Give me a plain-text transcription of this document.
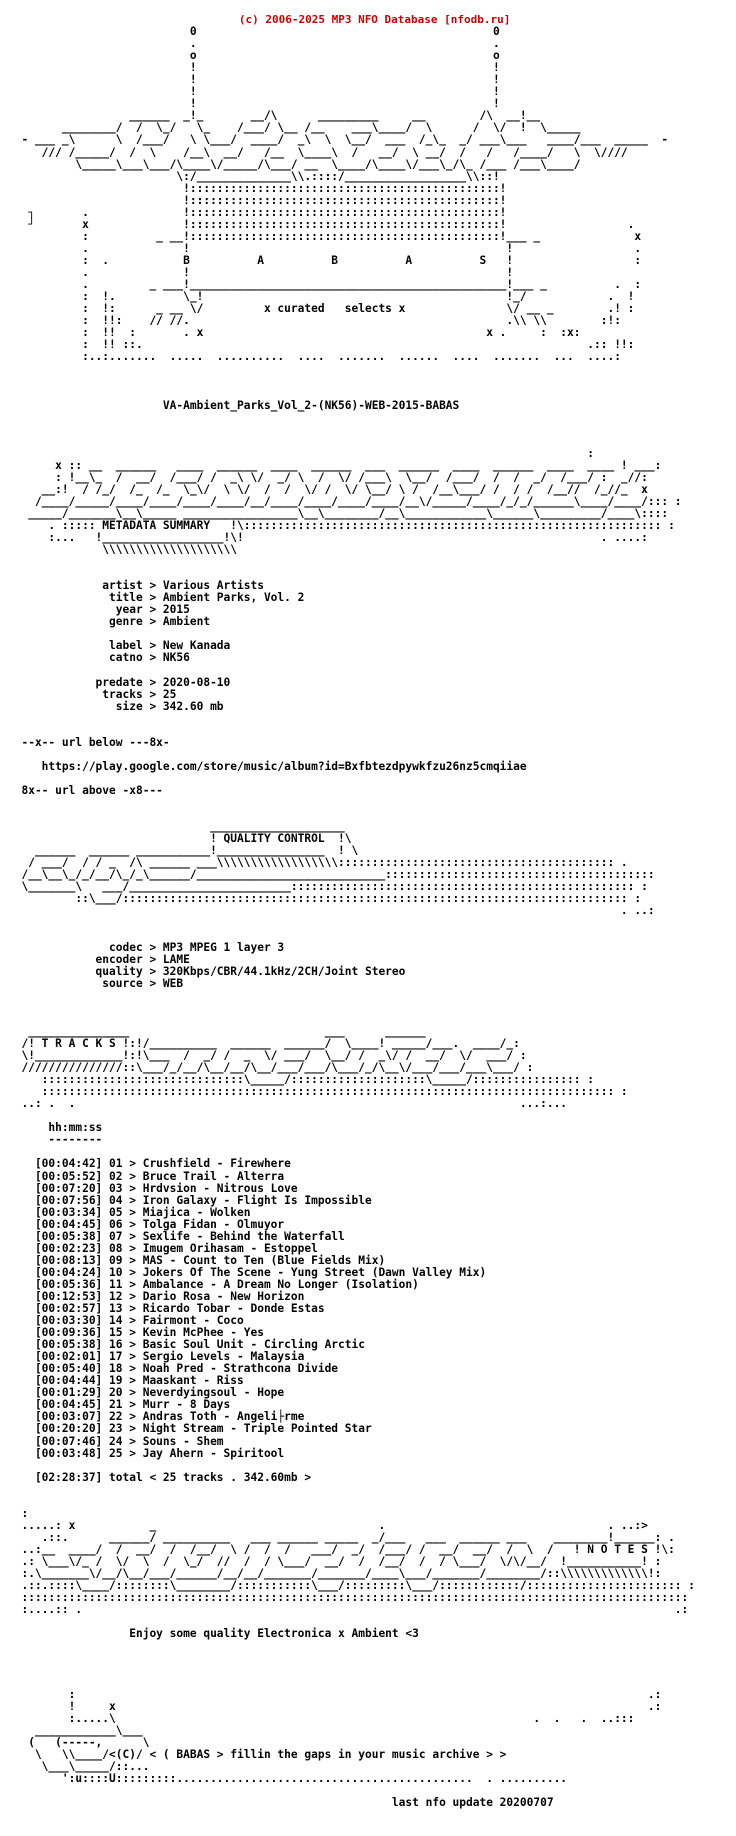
(c) 2006-2025 MP3 NFO Database [nfodb.ru]

0                                            0
.                                            .
o                                            o
!                                            !
!                                            !
!                                            !
!                                            !
______  _!_       __/\      _________     __        /\  __!__
________/  /  \_/   \_    /___/ \__ /__    ___\____/  \      /  \/  !  \_____
- ___ _\      \  /___/   \ \___/  ____/  _\  \  \__/  ___  /_\_  _/ ___\___   ____/___  _____  -
/// /_____/  /  \    /__\  __/   /__  \____\  /   __/  \ __/  /   /   /____/   \  \////
\_____\___\___/\____\/_____/\___/ __  \____/\____\/___\_/\_ /___ /___\____/
\:/______________\\.::::/__________________\\::!
!::::::::::::::::::::::::::::::::::::::::::::::!
!::::::::::::::::::::::::::::::::::::::::::::::!
┐       .              !::::::::::::::::::::::::::::::::::::::::::::::!
┘       x              !::::::::::::::::::::::::::::::::::::::::::::::!                  .
:          _ __!::::::::::::::::::::::::::::::::::::::::::::::!___ _              x
.              !                                               !                  .
:  .           B          A          B          A          S   !                  :
.              !                                               !
.         _ ___!_______________________________________________!___ _          .  :
:  !.          \_!                                             !_/            .  !
:  !:      _ __ \/         x curated   selects x               \/ __ _        .! :
:  !!:    // //.                                               .\\ \\        :!:
:  !!  :       . x                                          x .     :  :x:
:  !! ::.                                                                  .:: !!:
:..:.......  .....  ..........  ....  .......  ......  ....  .......  ...  ....:

VA-Ambient_Parks_Vol_2-(NK56)-WEB-2015-BABAS

:
x :: __  ______   ____  ______  ____  ______  ___  ______  ____  ______  ____  ____ ! ___:
: !__\_  /  __/  /___/ /  _\ \/  _/ \  /  \/ /___\  \__/  /___/  /  /  _/  /___/ :  _//:
__:!  / /_/  /_  /_  \_\/  \ \/  /  /  \/ /  \/ \__/ \ /  /__\___/ /  / /  /__//  /_//_  x
/____/_____/____/____/____/____/__/____/____/____/____/__\/_____/____/_/_/______\____/____/::: :
_____/_______\__\_____ _________________\__\________/__\____________\______\_________/____\::::
. ::::: METADATA SUMMARY   !\:::::::::::::::::::::::::::::::::::::::::::::::::::::::::::::: :
:...   !__________________!\!                                                     . ....:
\\\\\\\\\\\\\\\\\\\\

artist > Various Artists
title > Ambient Parks, Vol. 2
year > 2015
genre > Ambient

label > New Kanada
catno > NK56

predate > 2020-08-10
tracks > 25
size > 342.60 mb

--x-- url below ---8x-

https://play.google.com/store/music/album?id=Bxfbtezdpywkfzu26nz5cmqiiae

8x-- url above -x8---

____________________
! QUALITY CONTROL  !\
______  ______ ___________!________________  ! \
/ ___/  / / _  /\ ______ ___\\\\\\\\\\\\\\\\\\::::::::::::::::::::::::::::::::::::::::: .
/__\__\_/_/__/\_/_\______/____________________________::::::::::::::::::::::::::::::::::::::::
\_______\   ___/________________________::::::::::::::::::::::::::::::::::::::::::::::::::: :
::\___/::::::::::::::::::::::::::::::::::::::::::::::::::::::::::::::::::::::::::: :
. ..:

codec > MP3 MPEG 1 layer 3
encoder > LAME
quality > 320Kbps/CBR/44.1kHz/2CH/Joint Stereo
source > WEB

_______________                             ___      ______
/! T R A C K S !:!/__________  ______  ______/  \____! _____/___.  ____/_:
\!_____________!:!\___  /  _/ /  _  \/ ___/  \__/ /  _\/ /  __/  \/  ___/ :
///////////////::\___/_/__/\__/__/\__/___/___/\___/_/\__\/___/___/___\___/ :
::::::::::::::::::::::::::::::\_____/::::::::::::::::::::\_____/:::::::::::::::: :
::::::::::::::::::::::::::::::::::::::::::::::::::::::::::::::::::::::::::::::::::::: :
..: .  .                                                                  ...:...

hh:mm:ss
--------

[00:04:42] 01 > Crushfield - Firewhere
[00:05:52] 02 > Bruce Trail - Alterra
[00:07:20] 03 > Hrdvsion - Nitrous Love
[00:07:56] 04 > Iron Galaxy - Flight Is Impossible
[00:03:34] 05 > Miajica - Wolken
[00:04:45] 06 > Tolga Fidan - Olmuyor
[00:05:38] 07 > Sexlife - Behind the Waterfall
[00:02:23] 08 > Imugem Orihasam - Estoppel
[00:08:13] 09 > MAS - Count to Ten (Blue Fields Mix)
[00:04:24] 10 > Jokers Of The Scene - Yung Street (Dawn Valley Mix)
[00:05:36] 11 > Ambalance - A Dream No Longer (Isolation)
[00:12:53] 12 > Dario Rosa - New Horizon
[00:02:57] 13 > Ricardo Tobar - Donde Estas
[00:03:30] 14 > Fairmont - Coco
[00:09:36] 15 > Kevin McPhee - Yes
[00:05:38] 16 > Basic Soul Unit - Circling Arctic
[00:02:01] 17 > Sergio Levels - Malaysia
[00:05:40] 18 > Noah Pred - Strathcona Divide
[00:04:44] 19 > Maaskant - Riss
[00:01:29] 20 > Neverdyingsoul - Hope
[00:04:45] 21 > Murr - 8 Days
[00:03:07] 22 > Andras Toth - Angeli├rme
[00:20:20] 23 > Night Stream - Triple Pointed Star
[00:07:46] 24 > Souns - Shem
[00:03:48] 25 > Jay Ahern - Spiritool

[02:28:37] total < 25 tracks . 342.60mb >

:
.....: x           _                                 .                                 . ..:>
.::.      ______/ __________   ___ ______ _____  _/___   ___  ______ ___    ________!______: .
..:__  ____/  /  __/  /  /__/  \ /  /  /   ___/  _/  /___/ /  __/  __/  /  \  /   ! N O T E S !\:
.: \___\/_ /  \/  \  /  \_/  //  /  / \___/  __/  /  /__/  /  / \___/  \/\/__/  !___________! :
:.\_______\/__/\__/___/______/__/__/_______/_______/____\___/_______/________/::\\\\\\\\\\\\\!:
.::.::::\____/::::::::\________/:::::::::::\___/:::::::::\___/::::::::::::/::::::::::::::::::::::: :
:::::::::::::::::::::::::::::::::::::::::::::::::::::::::::::::::::::::::::::::::::::::::::::::::::
:....:: .                                                                                        .:

Enjoy some quality Electronica x Ambient <3

:                                                                                     .:
!     x                                                                               .:
:.....\                                                              .  .   .  ..:::
____________\___
(   (-----,      \
\   \\____/<(C)/ < ( BABAS > fillin the gaps in your music archive > >
\___\_____/::...
':u::::U:::::::::............................................  . ..........

last nfo update 20200707
